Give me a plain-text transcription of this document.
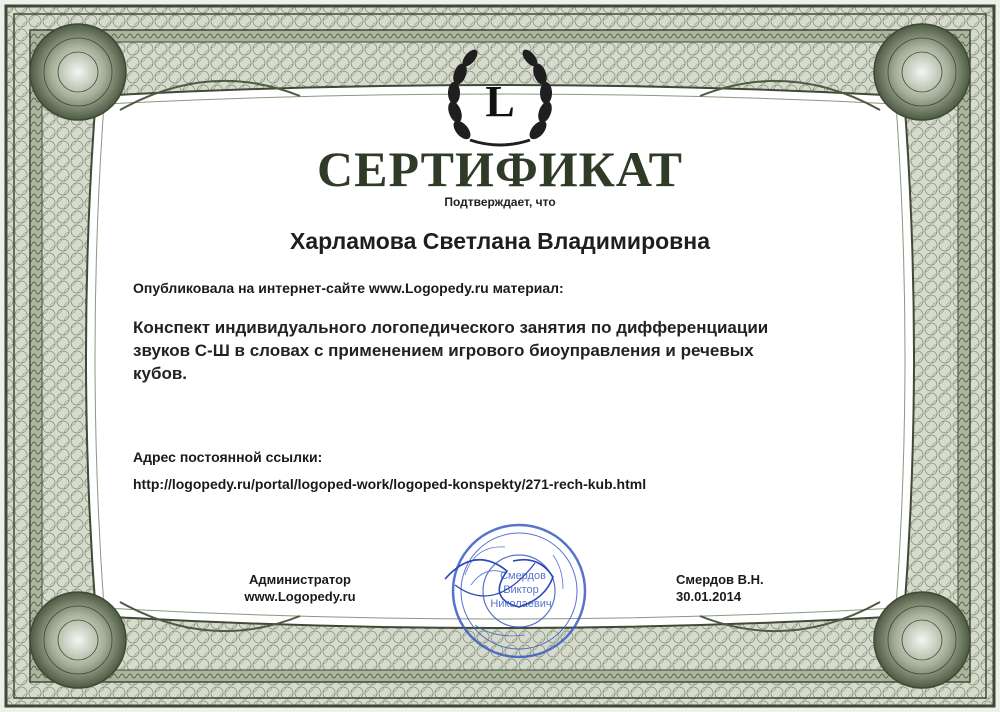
L
СЕРТИФИКАТ
Подтверждает, что
Харламова Светлана Владимировна
Опубликовала на интернет-сайте www.Logopedy.ru материал:
Конспект индивидуального логопедического занятия по дифференциации
звуков С-Ш в словах с применением игрового биоуправления и речевых
кубов.
Адрес постоянной ссылки:
http://logopedy.ru/portal/logoped-work/logoped-konspekty/271-rech-kub.html
Администратор
www.Logopedy.ru
Смердов В.Н.
30.01.2014
Смердов
Виктор
Николаевич
